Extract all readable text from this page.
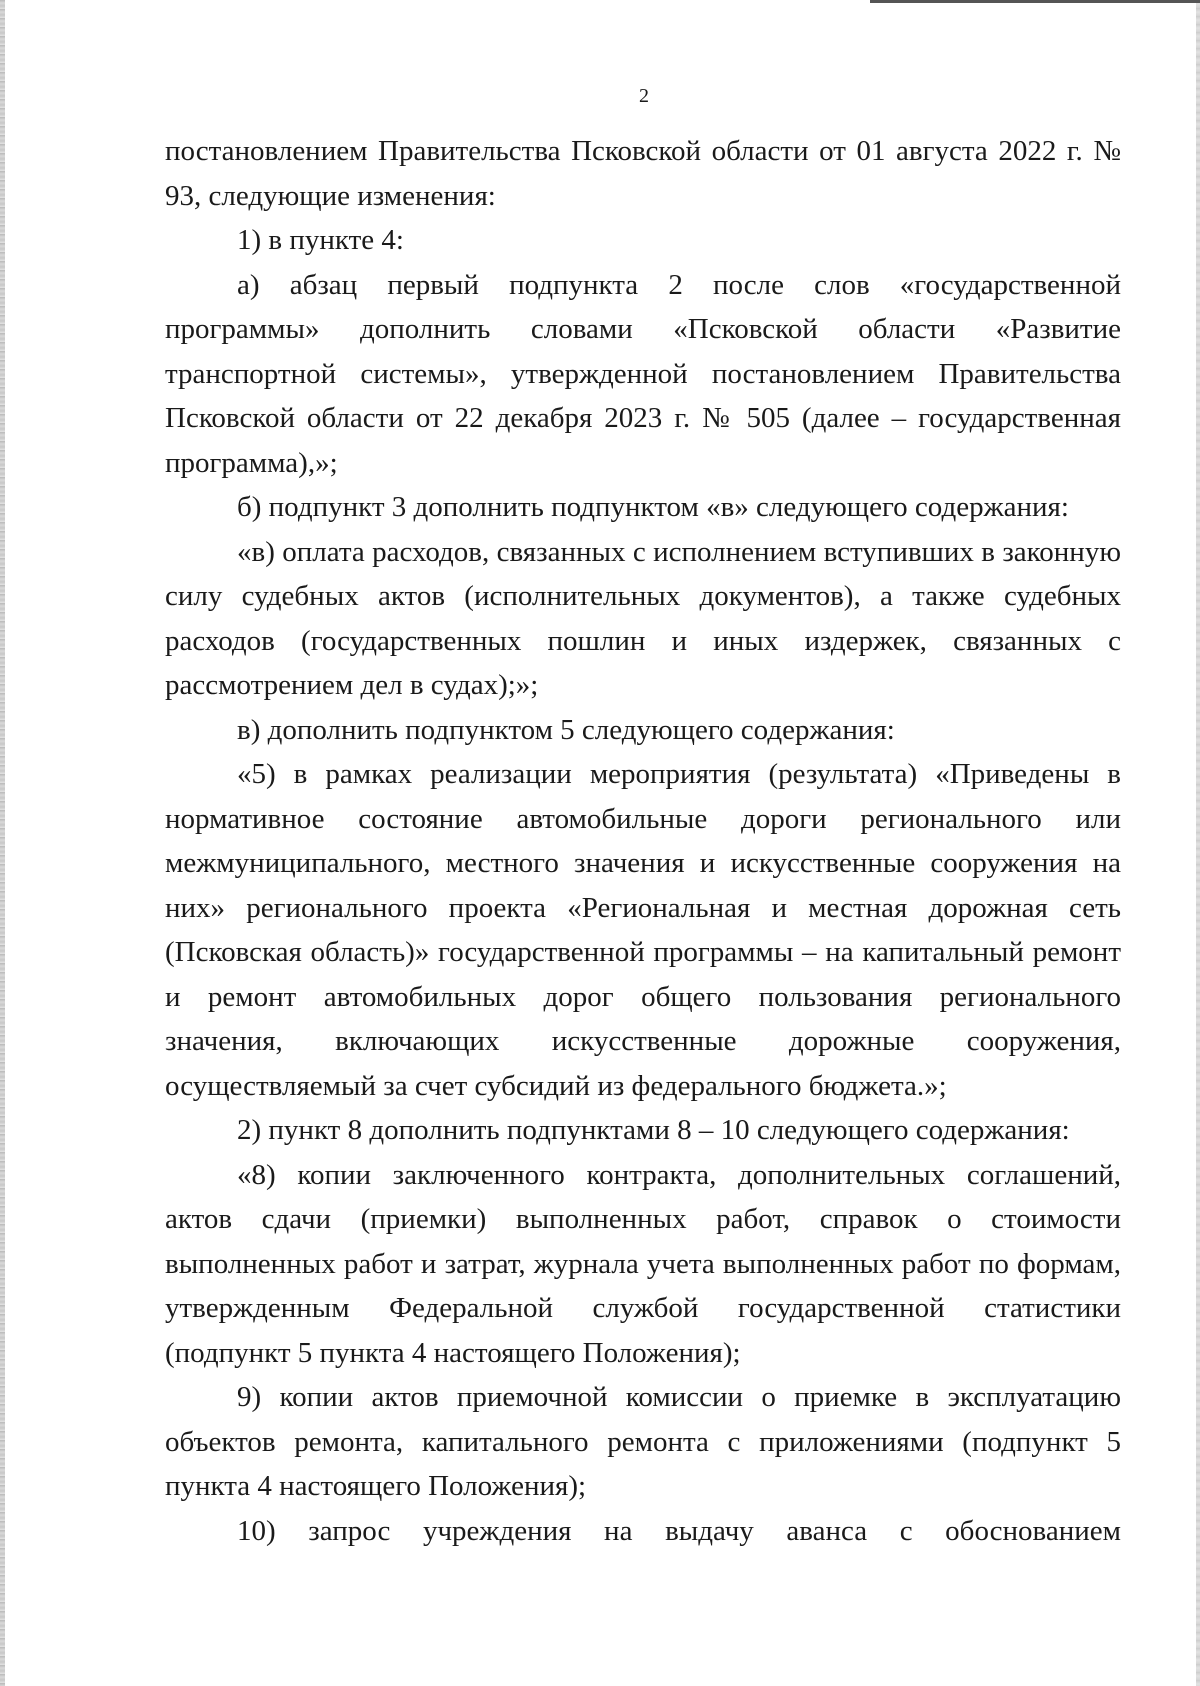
2

постановлением Правительства Псковской области от 01 августа 2022 г. № 93, следующие изменения:

1) в пункте 4:

а) абзац первый подпункта 2 после слов «государственной программы» дополнить словами «Псковской области «Развитие транспортной системы», утвержденной постановлением Правительства Псковской области от 22 декабря 2023 г. № 505 (далее – государственная программа),»;

б) подпункт 3 дополнить подпунктом «в» следующего содержания:

«в) оплата расходов, связанных с исполнением вступивших в законную силу судебных актов (исполнительных документов), а также судебных расходов (государственных пошлин и иных издержек, связанных с рассмотрением дел в судах);»;

в) дополнить подпунктом 5 следующего содержания:

«5) в рамках реализации мероприятия (результата) «Приведены в нормативное состояние автомобильные дороги регионального или межмуниципального, местного значения и искусственные сооружения на них» регионального проекта «Региональная и местная дорожная сеть (Псковская область)» государственной программы – на капитальный ремонт и ремонт автомобильных дорог общего пользования регионального значения, включающих искусственные дорожные сооружения, осуществляемый за счет субсидий из федерального бюджета.»;

2) пункт 8 дополнить подпунктами 8 – 10 следующего содержания:

«8) копии заключенного контракта, дополнительных соглашений, актов сдачи (приемки) выполненных работ, справок о стоимости выполненных работ и затрат, журнала учета выполненных работ по формам, утвержденным Федеральной службой государственной статистики (подпункт 5 пункта 4 настоящего Положения);

9) копии актов приемочной комиссии о приемке в эксплуатацию объектов ремонта, капитального ремонта с приложениями (подпункт 5 пункта 4 настоящего Положения);

10) запрос учреждения на выдачу аванса с обоснованием
